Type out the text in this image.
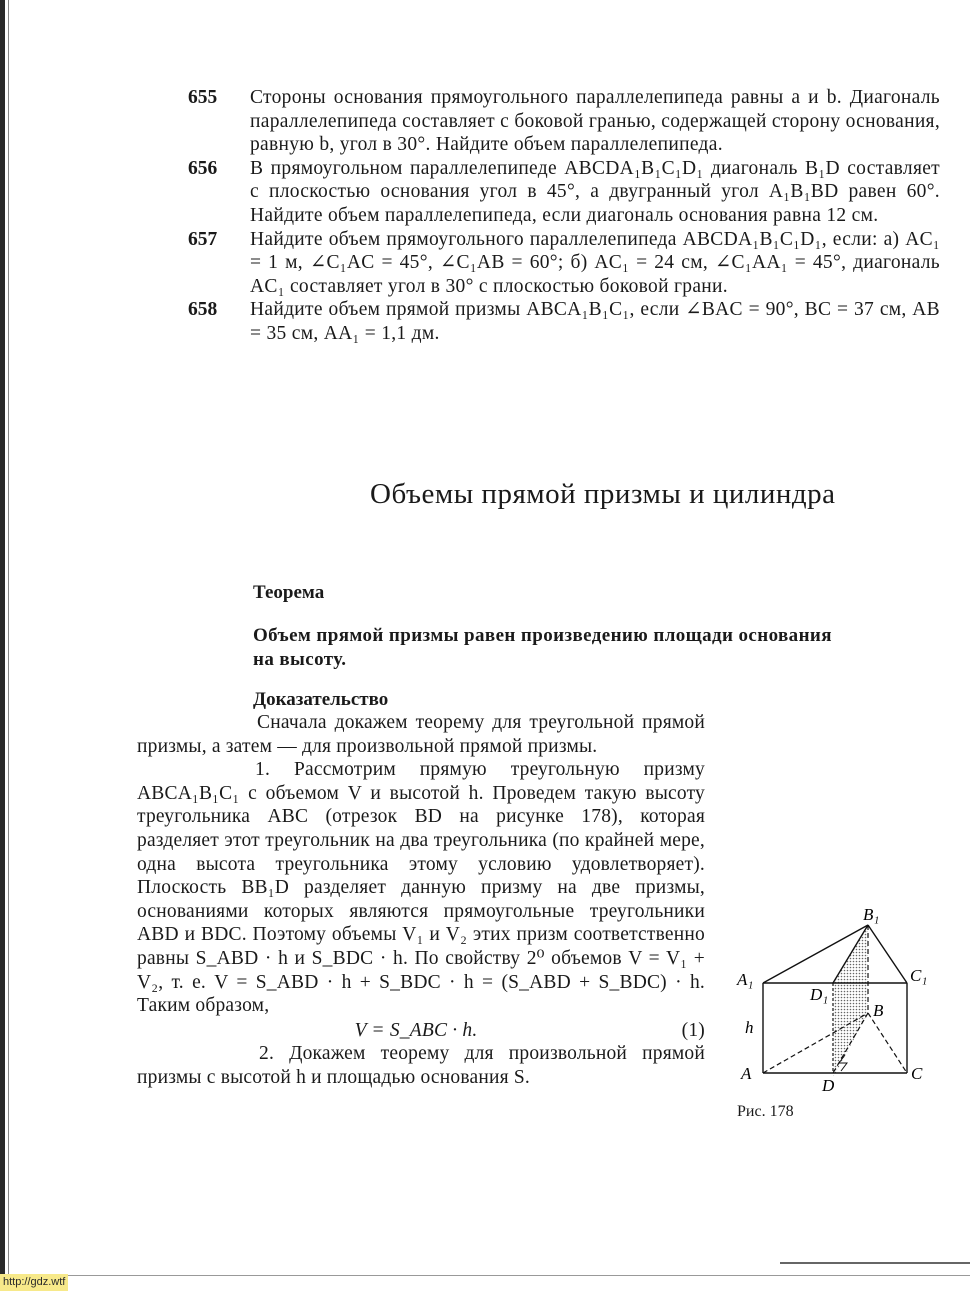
655	Стороны основания прямоугольного параллелепипеда равны a и b. Диагональ параллелепипеда составляет с боковой гранью, содержащей сторону основания, равную b, угол в 30°. Найдите объем параллелепипеда.
656	В прямоугольном параллелепипеде ABCDA₁B₁C₁D₁ диагональ B₁D составляет с плоскостью основания угол в 45°, а двугранный угол A₁B₁BD равен 60°. Найдите объем параллелепипеда, если диагональ основания равна 12 см.
657	Найдите объем прямоугольного параллелепипеда ABCDA₁B₁C₁D₁, если: а) AC₁ = 1 м, ∠C₁AC = 45°, ∠C₁AB = 60°; б) AC₁ = 24 см, ∠C₁AA₁ = 45°, диагональ AC₁ составляет угол в 30° с плоскостью боковой грани.
658	Найдите объем прямой призмы ABCA₁B₁C₁, если ∠BAC = 90°, BC = 37 см, AB = 35 см, AA₁ = 1,1 дм.
Объемы прямой призмы и цилиндра
Теорема
Объем прямой призмы равен произведению площади основания на высоту.
Доказательство

Сначала докажем теорему для треугольной прямой призмы, а затем — для произвольной прямой призмы.

1. Рассмотрим прямую треугольную призму ABCA₁B₁C₁ с объемом V и высотой h. Проведем такую высоту треугольника ABC (отрезок BD на рисунке 178), которая разделяет этот треугольник на два треугольника (по крайней мере, одна высота треугольника этому условию удовлетворяет). Плоскость BB₁D разделяет данную призму на две призмы, основаниями которых являются прямоугольные треугольники ABD и BDC. Поэтому объемы V₁ и V₂ этих призм соответственно равны S_ABD · h и S_BDC · h. По свойству 2⁰ объемов V = V₁ + V₂, т. е. V = S_ABD · h + S_BDC · h = (S_ABD + S_BDC) · h. Таким образом,

V = S_ABC · h.	(1)

2. Докажем теорему для произвольной прямой призмы с высотой h и площадью основания S.

B₁
A₁	C₁
D₁
h
B
A	C
D
Рис. 178
http://gdz.wtf
